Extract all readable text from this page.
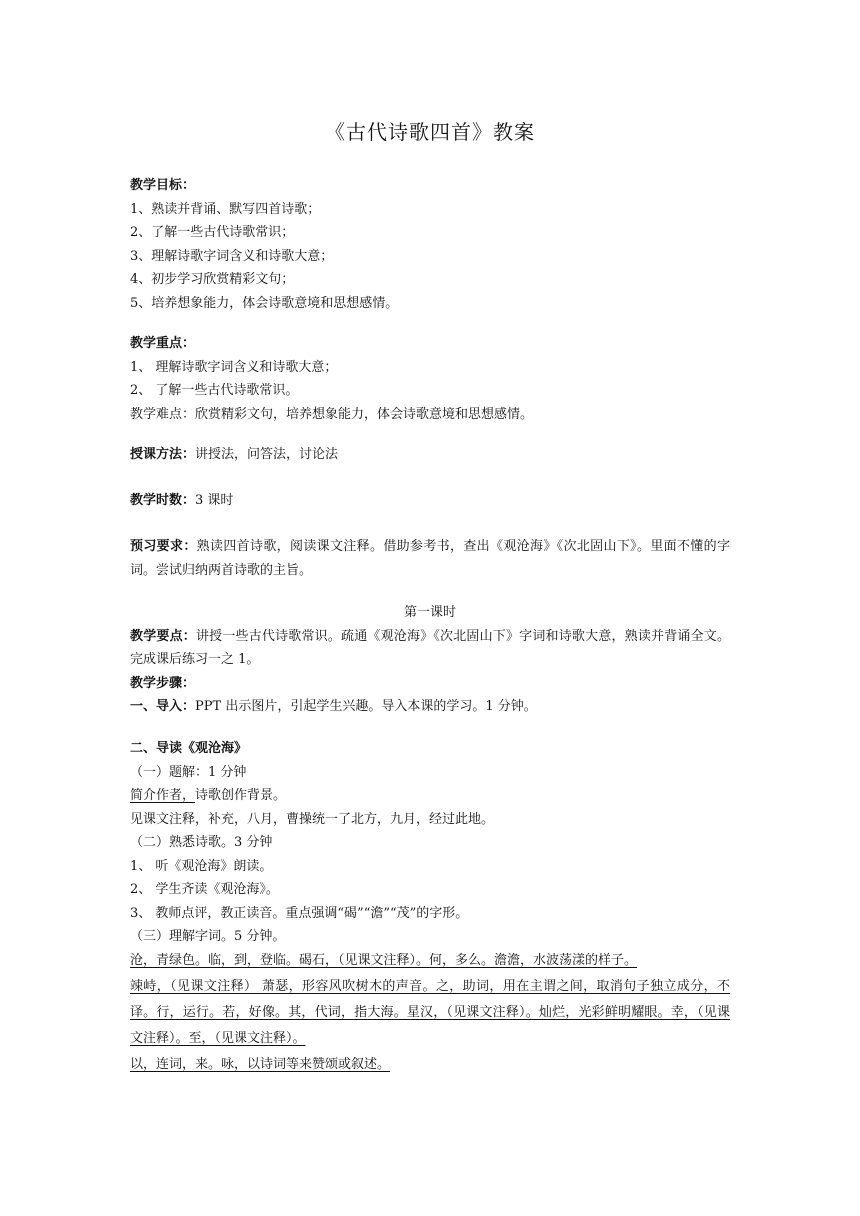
《古代诗歌四首》教案
教学目标：
1、熟读并背诵、默写四首诗歌；
2、了解一些古代诗歌常识；
3、理解诗歌字词含义和诗歌大意；
4、初步学习欣赏精彩文句；
5、培养想象能力，体会诗歌意境和思想感情。
教学重点：
1、 理解诗歌字词含义和诗歌大意；
2、 了解一些古代诗歌常识。
教学难点：欣赏精彩文句，培养想象能力，体会诗歌意境和思想感情。
授课方法：讲授法，问答法，讨论法
教学时数：3 课时
预习要求：熟读四首诗歌，阅读课文注释。借助参考书，查出《观沧海》《次北固山下》。里面不懂的字词。尝试归纳两首诗歌的主旨。
第一课时
教学要点：讲授一些古代诗歌常识。疏通《观沧海》《次北固山下》字词和诗歌大意，熟读并背诵全文。完成课后练习一之 1。
教学步骤：
一、导入：PPT 出示图片，引起学生兴趣。导入本课的学习。1 分钟。
二、导读《观沧海》
（一）题解：1 分钟
简介作者，诗歌创作背景。
见课文注释，补充，八月，曹操统一了北方，九月，经过此地。
（二）熟悉诗歌。3 分钟
1、 听《观沧海》朗读。
2、 学生齐读《观沧海》。
3、 教师点评，教正读音。重点强调“碣”“澹”“茂”的字形。
（三）理解字词。5 分钟。
沧，青绿色。临，到，登临。碣石，（见课文注释）。何，多么。澹澹，水波荡漾的样子。
竦峙，（见课文注释） 萧瑟，形容风吹树木的声音。之，助词，用在主谓之间，取消句子独立成分，不译。行，运行。若，好像。其，代词，指大海。星汉，（见课文注释）。灿烂，光彩鲜明耀眼。幸，（见课文注释）。至，（见课文注释）。
以，连词，来。咏，以诗词等来赞颂或叙述。
